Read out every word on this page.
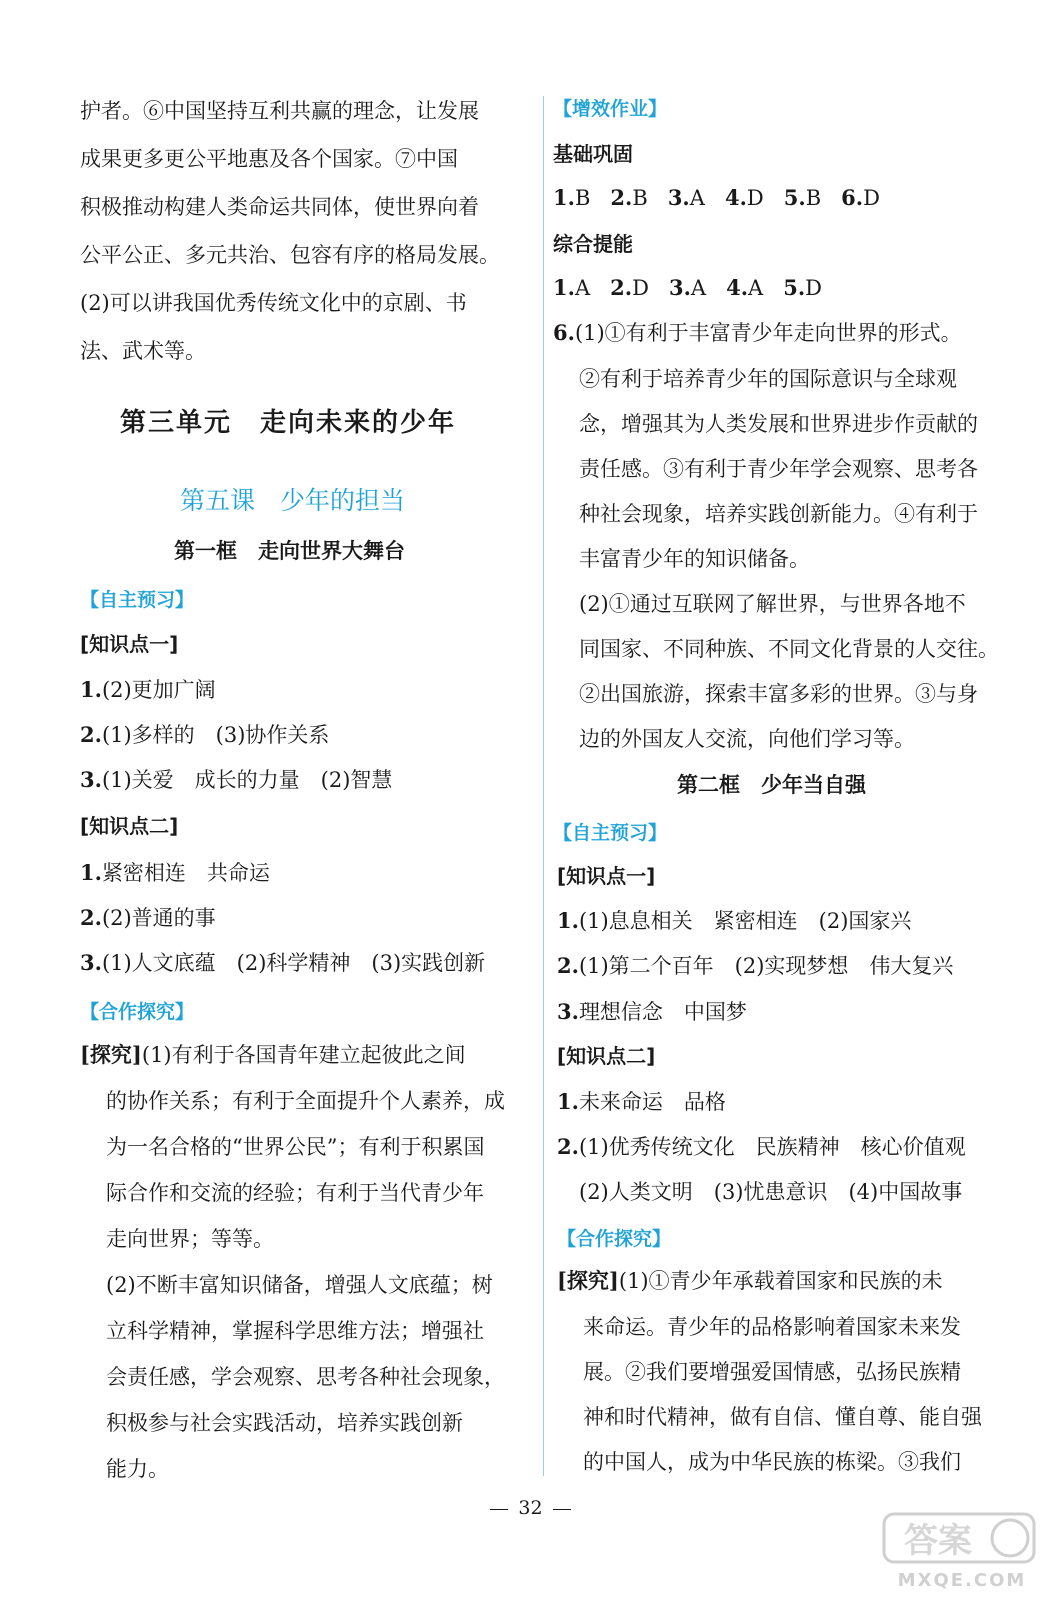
护者。⑥中国坚持互利共赢的理念，让发展
成果更多更公平地惠及各个国家。⑦中国
积极推动构建人类命运共同体，使世界向着
公平公正、多元共治、包容有序的格局发展。
(2)可以讲我国优秀传统文化中的京剧、书
法、武术等。
第三单元　走向未来的少年
第五课　少年的担当
第一框　走向世界大舞台
【自主预习】
[知识点一]
1.(2)更加广阔
2.(1)多样的　(3)协作关系
3.(1)关爱　成长的力量　(2)智慧
[知识点二]
1.紧密相连　共命运
2.(2)普通的事
3.(1)人文底蕴　(2)科学精神　(3)实践创新
【合作探究】
[探究](1)有利于各国青年建立起彼此之间
的协作关系；有利于全面提升个人素养，成
为一名合格的“世界公民”；有利于积累国
际合作和交流的经验；有利于当代青少年
走向世界；等等。
(2)不断丰富知识储备，增强人文底蕴；树
立科学精神，掌握科学思维方法；增强社
会责任感，学会观察、思考各种社会现象，
积极参与社会实践活动，培养实践创新
能力。
【增效作业】
基础巩固
1.B 2.B 3.A 4.D 5.B 6.D
综合提能
1.A 2.D 3.A 4.A 5.D
6.(1)①有利于丰富青少年走向世界的形式。
②有利于培养青少年的国际意识与全球观
念，增强其为人类发展和世界进步作贡献的
责任感。③有利于青少年学会观察、思考各
种社会现象，培养实践创新能力。④有利于
丰富青少年的知识储备。
(2)①通过互联网了解世界，与世界各地不
同国家、不同种族、不同文化背景的人交往。
②出国旅游，探索丰富多彩的世界。③与身
边的外国友人交流，向他们学习等。
第二框　少年当自强
【自主预习】
[知识点一]
1.(1)息息相关　紧密相连　(2)国家兴
2.(1)第二个百年　(2)实现梦想　伟大复兴
3.理想信念　中国梦
[知识点二]
1.未来命运　品格
2.(1)优秀传统文化　民族精神　核心价值观
(2)人类文明　(3)忧患意识　(4)中国故事
【合作探究】
[探究](1)①青少年承载着国家和民族的未
来命运。青少年的品格影响着国家未来发
展。②我们要增强爱国情感，弘扬民族精
神和时代精神，做有自信、懂自尊、能自强
的中国人，成为中华民族的栋梁。③我们
32
答案
MXQE.COM
